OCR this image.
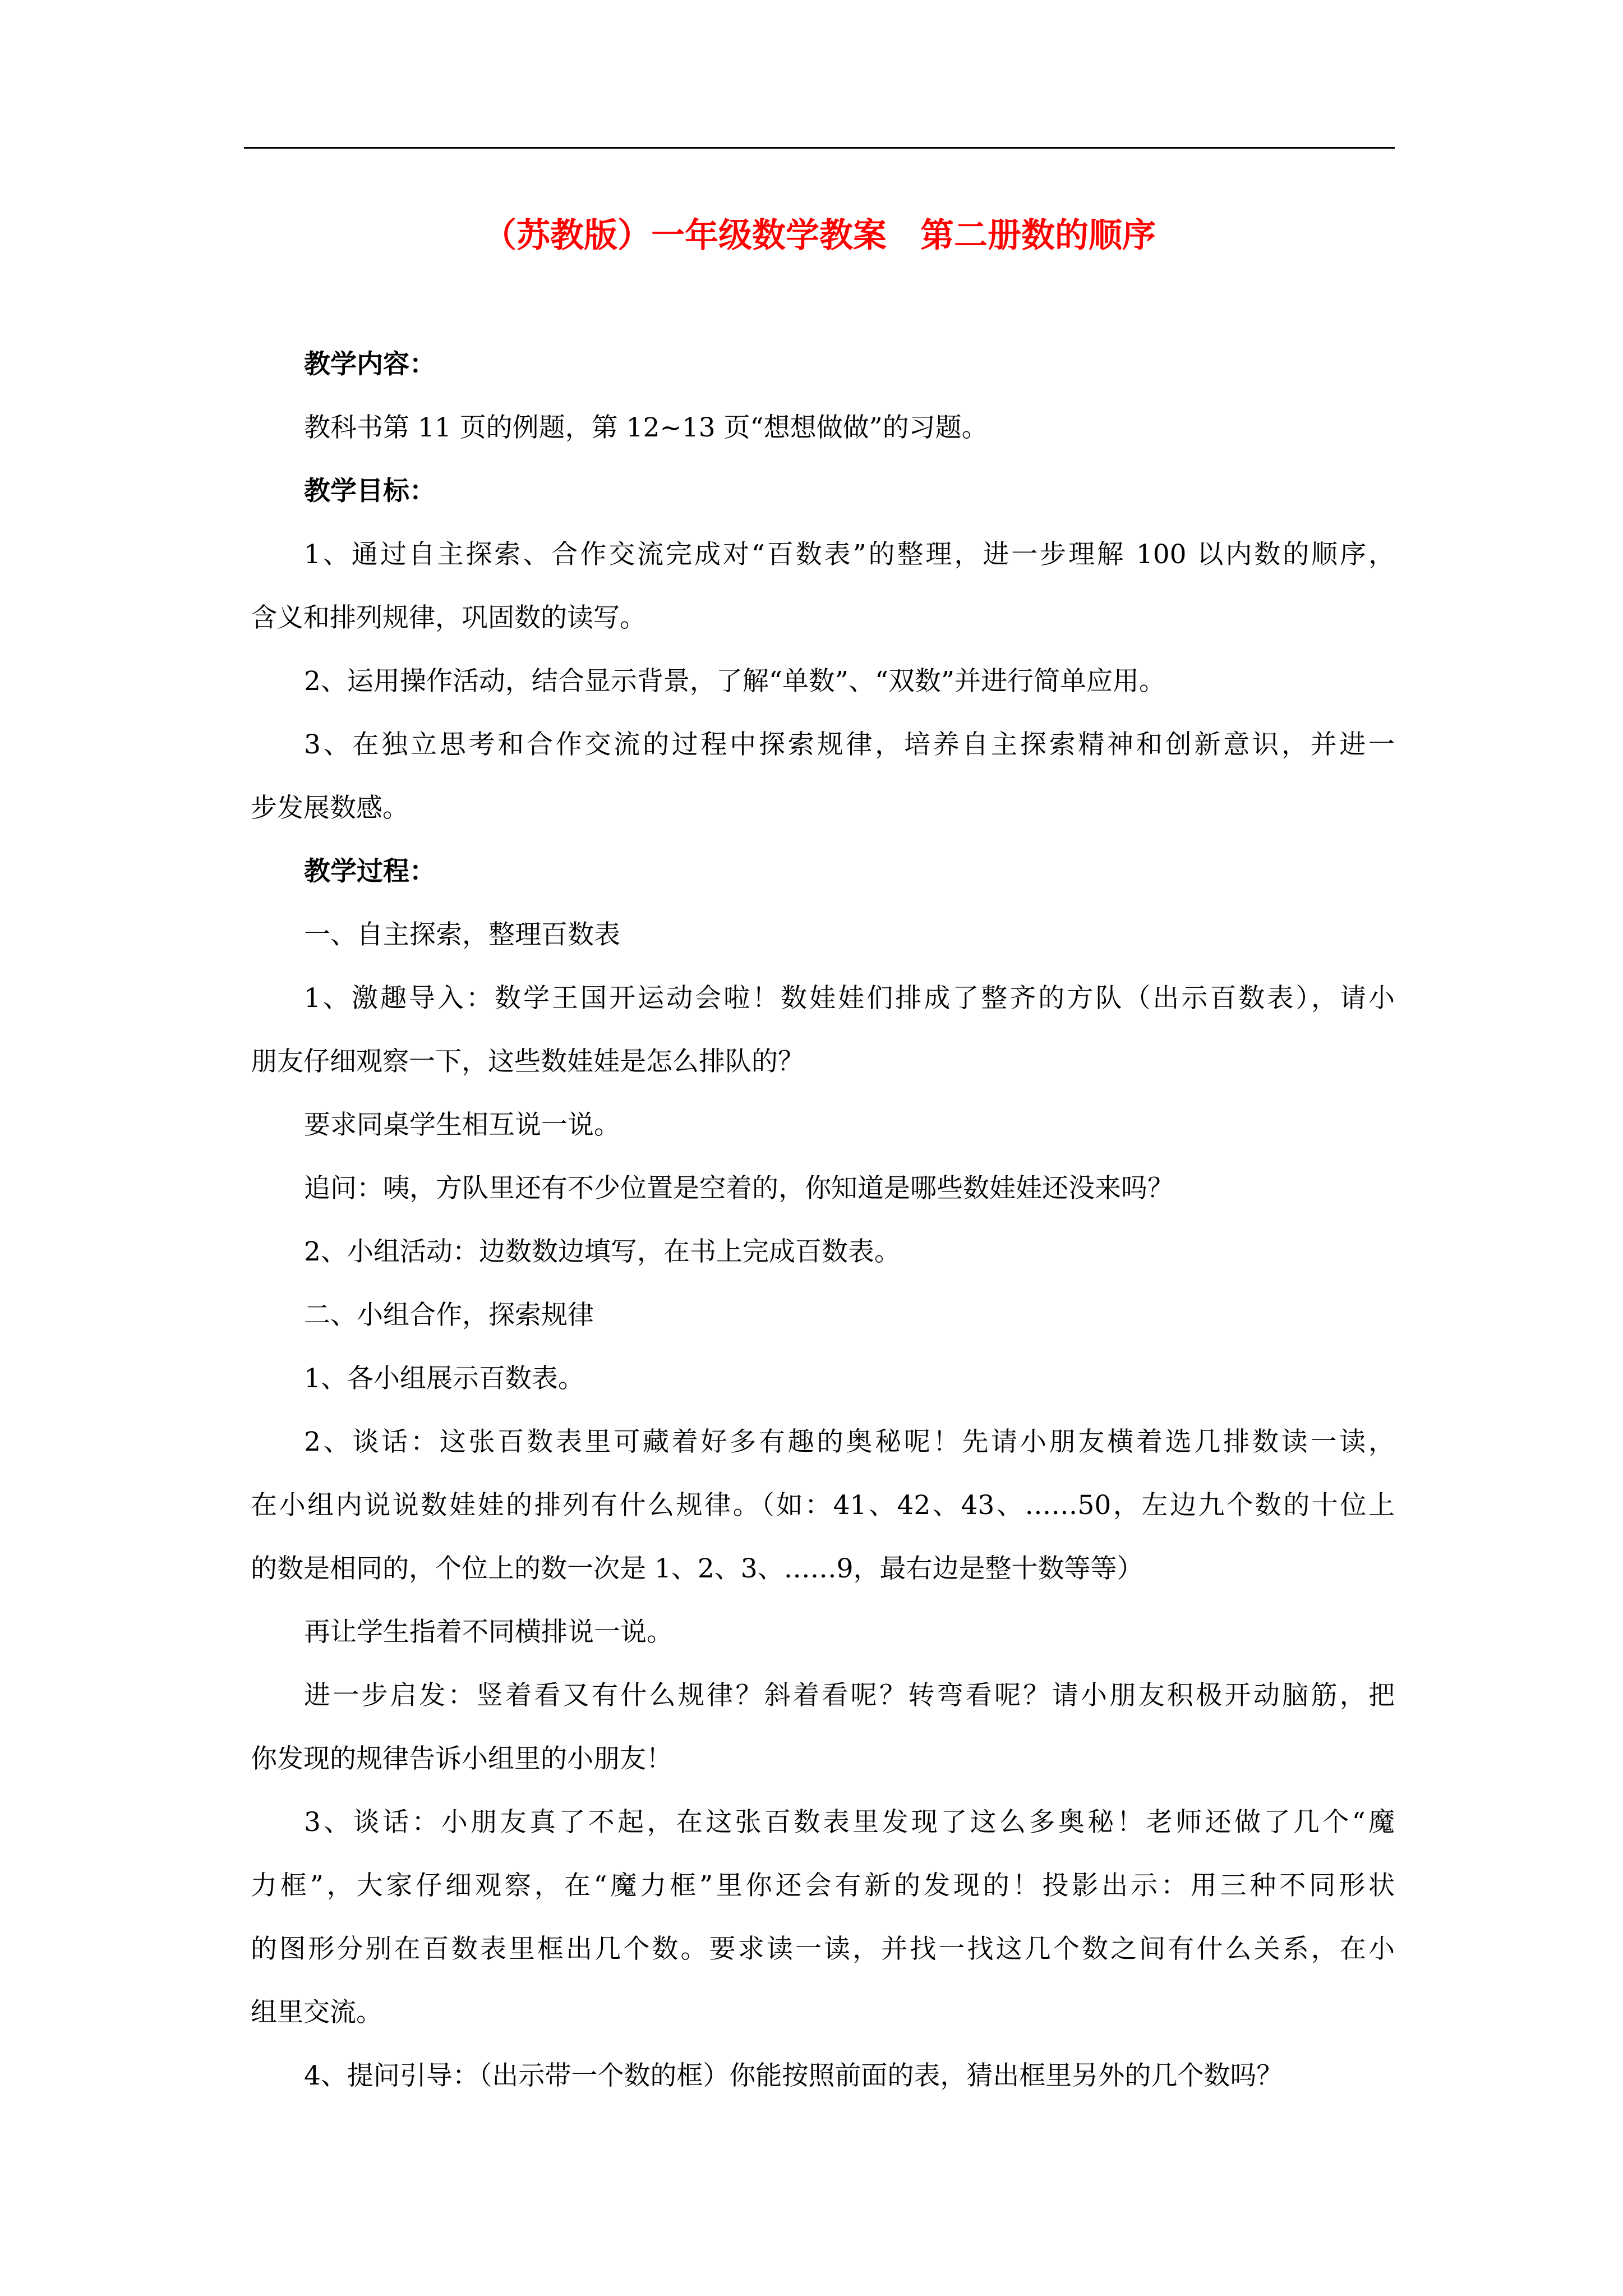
（苏教版）一年级数学教案 第二册数的顺序
教学内容：
教科书第 11 页的例题，第 12~13 页“想想做做”的习题。
教学目标：
1、通过自主探索、合作交流完成对“百数表”的整理，进一步理解 100 以内数的顺序，
含义和排列规律，巩固数的读写。
2、运用操作活动，结合显示背景，了解“单数”、“双数”并进行简单应用。
3、在独立思考和合作交流的过程中探索规律，培养自主探索精神和创新意识，并进一
步发展数感。
教学过程：
一、自主探索，整理百数表
1、激趣导入：数学王国开运动会啦！数娃娃们排成了整齐的方队（出示百数表），请小
朋友仔细观察一下，这些数娃娃是怎么排队的？
要求同桌学生相互说一说。
追问：咦，方队里还有不少位置是空着的，你知道是哪些数娃娃还没来吗？
2、小组活动：边数数边填写，在书上完成百数表。
二、小组合作，探索规律
1、各小组展示百数表。
2、谈话：这张百数表里可藏着好多有趣的奥秘呢！先请小朋友横着选几排数读一读，
在小组内说说数娃娃的排列有什么规律。（如：41、42、43、……50，左边九个数的十位上
的数是相同的，个位上的数一次是 1、2、3、……9，最右边是整十数等等）
再让学生指着不同横排说一说。
进一步启发：竖着看又有什么规律？斜着看呢？转弯看呢？请小朋友积极开动脑筋，把
你发现的规律告诉小组里的小朋友！
3、谈话：小朋友真了不起，在这张百数表里发现了这么多奥秘！老师还做了几个“魔
力框”，大家仔细观察，在“魔力框”里你还会有新的发现的！投影出示：用三种不同形状
的图形分别在百数表里框出几个数。要求读一读，并找一找这几个数之间有什么关系，在小
组里交流。
4、提问引导：（出示带一个数的框）你能按照前面的表，猜出框里另外的几个数吗？
